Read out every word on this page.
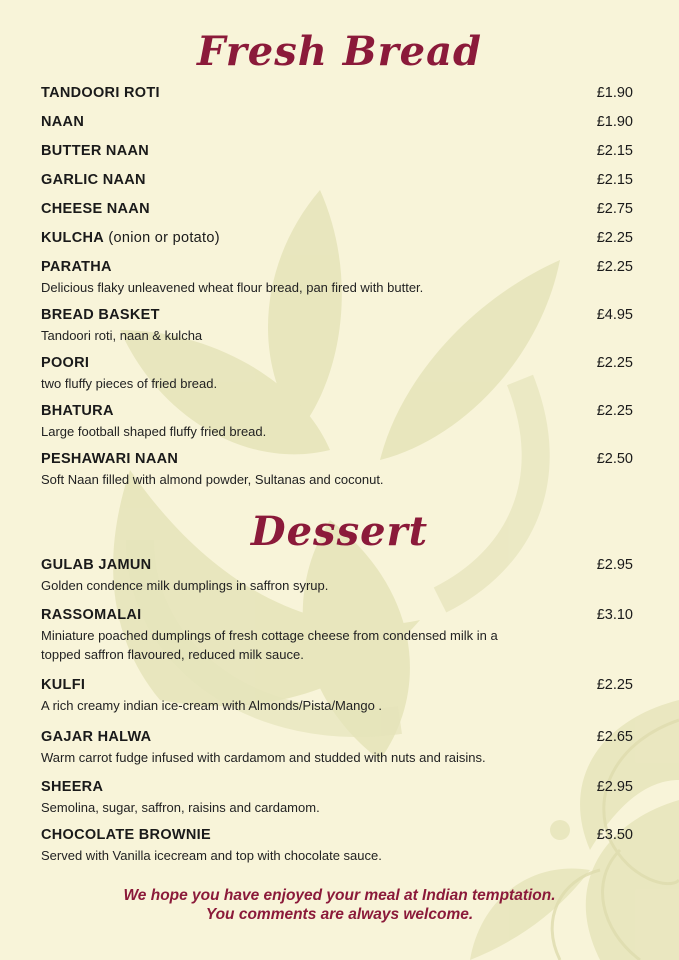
Fresh Bread
TANDOORI ROTI	£1.90
NAAN	£1.90
BUTTER NAAN	£2.15
GARLIC NAAN	£2.15
CHEESE NAAN	£2.75
KULCHA (onion or potato)	£2.25
PARATHA	£2.25
Delicious flaky unleavened wheat flour bread, pan fired with butter.
BREAD BASKET	£4.95
Tandoori roti, naan & kulcha
POORI	£2.25
two fluffy pieces of fried bread.
BHATURA	£2.25
Large football shaped fluffy fried bread.
PESHAWARI NAAN	£2.50
Soft Naan filled with almond powder, Sultanas and coconut.
Dessert
GULAB JAMUN	£2.95
Golden condence milk dumplings in saffron syrup.
RASSOMALAI	£3.10
Miniature poached dumplings of fresh cottage cheese from condensed milk in a topped saffron flavoured, reduced milk sauce.
KULFI	£2.25
A rich creamy indian ice-cream with Almonds/Pista/Mango .
GAJAR HALWA	£2.65
Warm carrot fudge infused with cardamom and studded with nuts and raisins.
SHEERA	£2.95
Semolina, sugar, saffron, raisins and cardamom.
CHOCOLATE BROWNIE	£3.50
Served with Vanilla icecream and top with chocolate sauce.
We hope you have enjoyed your meal at Indian temptation.
You comments are always welcome.
